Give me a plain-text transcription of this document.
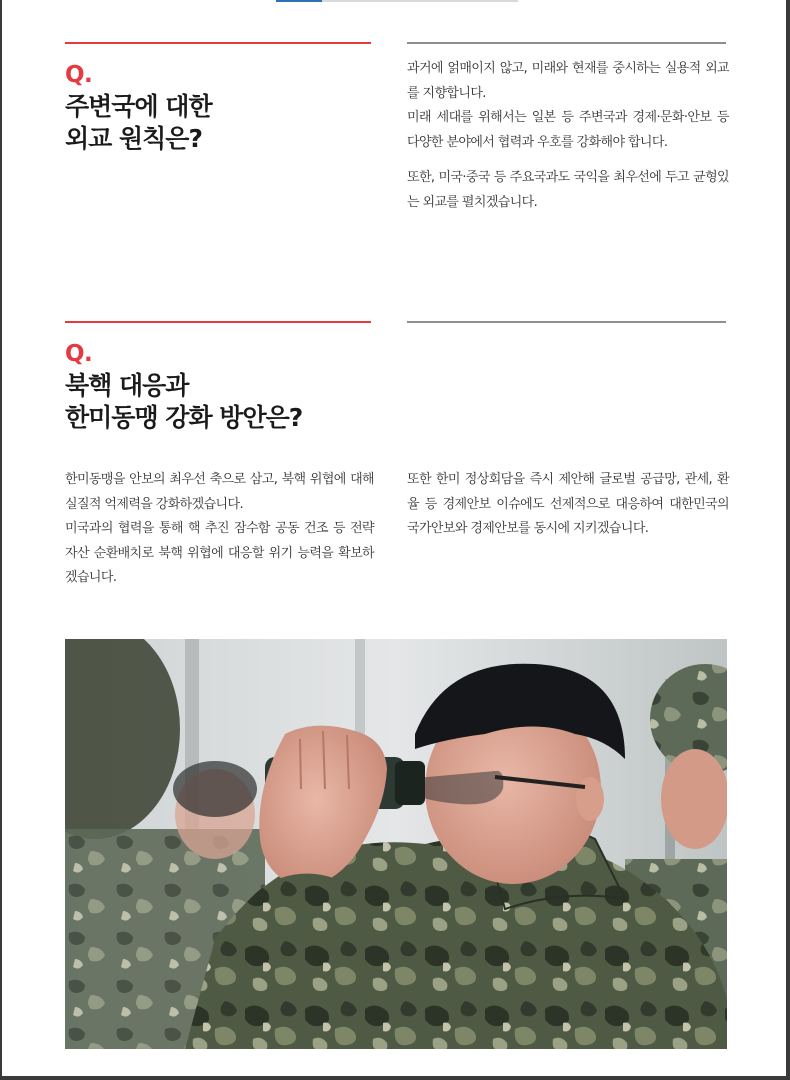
Q.
주변국에 대한
외교 원칙은?

과거에 얽매이지 않고, 미래와 현재를 중시하는 실용적 외교를 지향합니다.

미래 세대를 위해서는 일본 등 주변국과 경제·문화·안보 등 다양한 분야에서 협력과 우호를 강화해야 합니다.

또한, 미국·중국 등 주요국과도 국익을 최우선에 두고 균형있는 외교를 펼치겠습니다.

Q.
북핵 대응과
한미동맹 강화 방안은?

한미동맹을 안보의 최우선 축으로 삼고, 북핵 위협에 대해 실질적 억제력을 강화하겠습니다.

미국과의 협력을 통해 핵 추진 잠수함 공동 건조 등 전략 자산 순환배치로 북핵 위협에 대응할 위기 능력을 확보하겠습니다.

또한 한미 정상회담을 즉시 제안해 글로벌 공급망, 관세, 환율 등 경제안보 이슈에도 선제적으로 대응하여 대한민국의 국가안보와 경제안보를 동시에 지키겠습니다.
